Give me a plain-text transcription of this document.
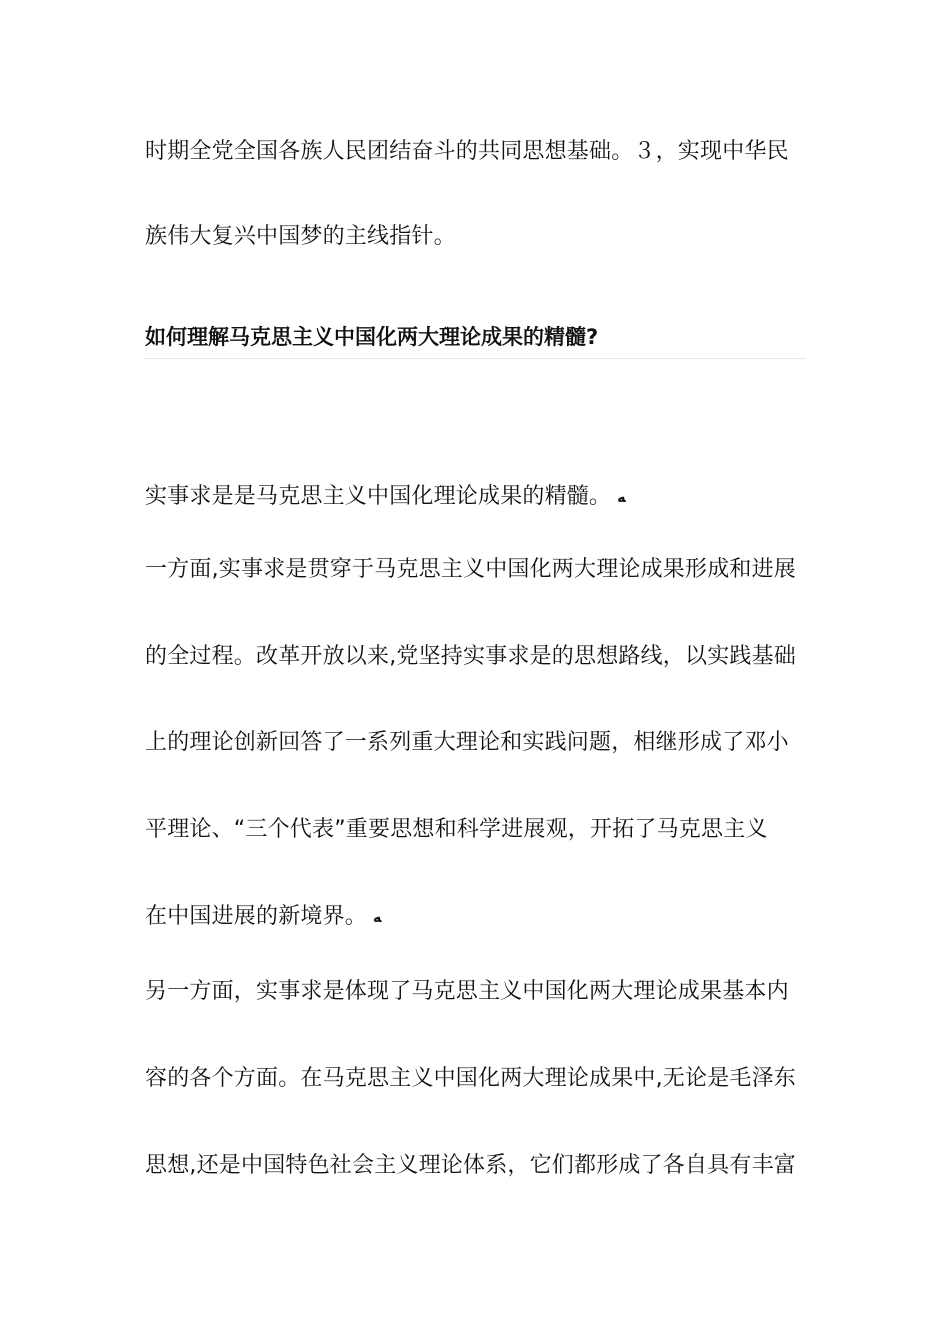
时期全党全国各族人民团结奋斗的共同思想基础。３，实现中华民
族伟大复兴中国梦的主线指针。
如何理解马克思主义中国化两大理论成果的精髓?
实事求是是马克思主义中国化理论成果的精髓。 ﻪ
一方面,实事求是贯穿于马克思主义中国化两大理论成果形成和进展
的全过程。改革开放以来,党坚持实事求是的思想路线，以实践基础
上的理论创新回答了一系列重大理论和实践问题，相继形成了邓小
平理论、“三个代表”重要思想和科学进展观，开拓了马克思主义
在中国进展的新境界。 ﻪ
另一方面，实事求是体现了马克思主义中国化两大理论成果基本内
容的各个方面。在马克思主义中国化两大理论成果中,无论是毛泽东
思想,还是中国特色社会主义理论体系，它们都形成了各自具有丰富
